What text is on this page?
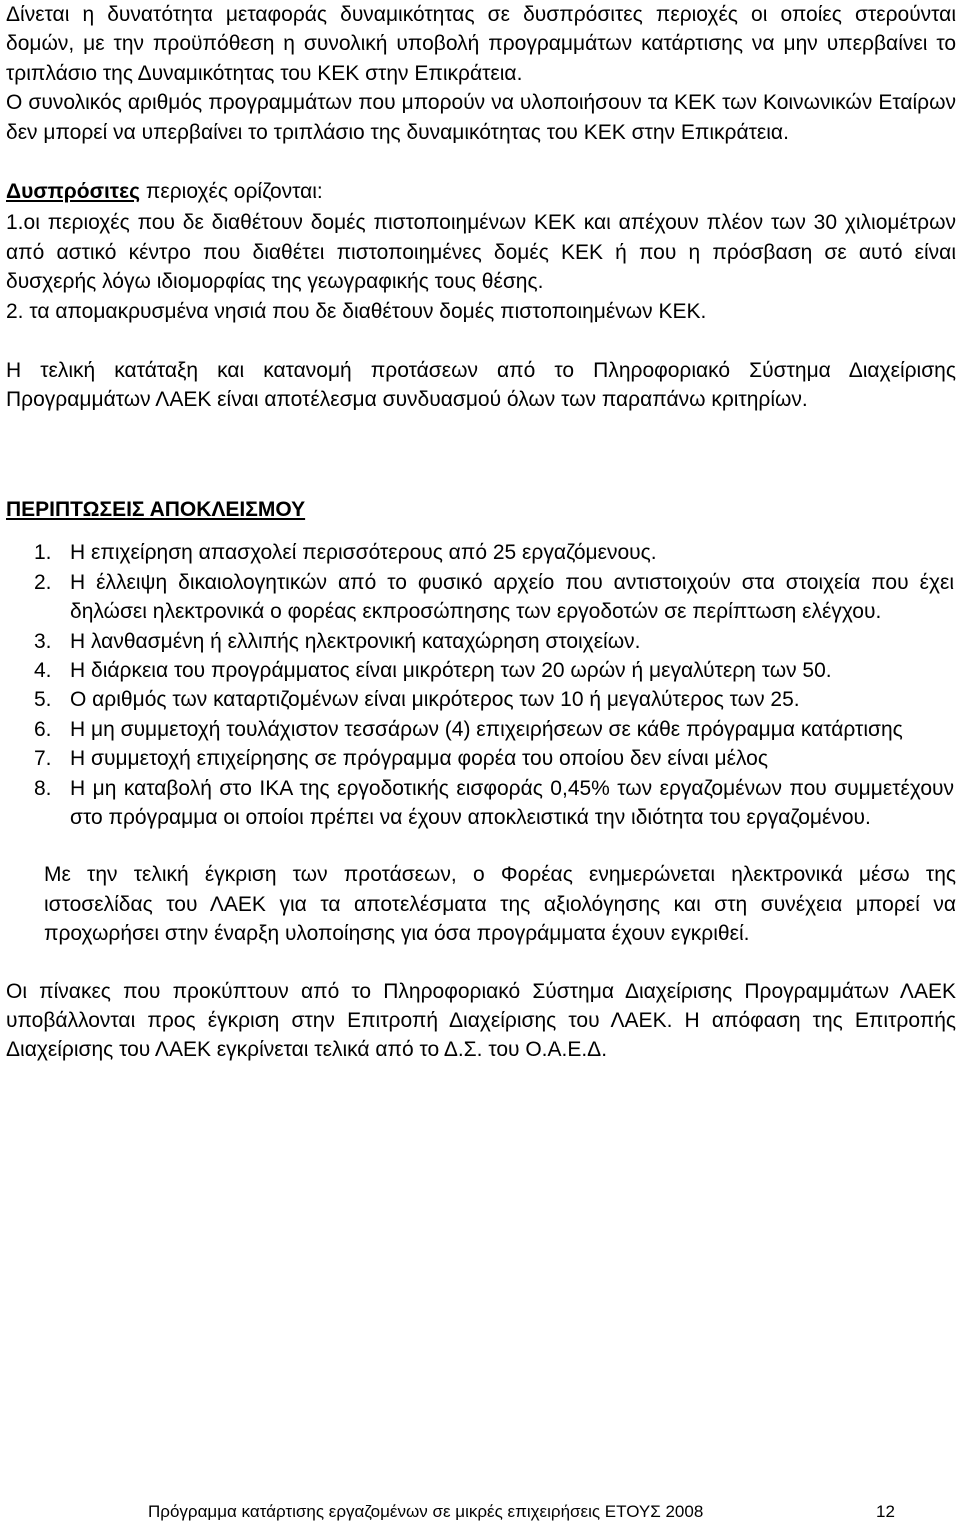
Δίνεται η δυνατότητα μεταφοράς δυναμικότητας σε δυσπρόσιτες περιοχές οι οποίες στερούνται δομών, με την προϋπόθεση η συνολική υποβολή προγραμμάτων κατάρτισης να μην υπερβαίνει το τριπλάσιο της Δυναμικότητας του ΚΕΚ στην Επικράτεια.

Ο συνολικός αριθμός προγραμμάτων που μπορούν να υλοποιήσουν τα ΚΕΚ των Κοινωνικών Εταίρων δεν μπορεί να υπερβαίνει το τριπλάσιο της δυναμικότητας του ΚΕΚ στην Επικράτεια.

Δυσπρόσιτες περιοχές ορίζονται:

1.οι περιοχές που δε διαθέτουν δομές πιστοποιημένων ΚΕΚ και απέχουν πλέον των 30 χιλιομέτρων από αστικό κέντρο που διαθέτει πιστοποιημένες δομές ΚΕΚ ή που η πρόσβαση σε αυτό είναι δυσχερής λόγω ιδιομορφίας της γεωγραφικής τους θέσης.

2. τα απομακρυσμένα νησιά που δε διαθέτουν δομές πιστοποιημένων ΚΕΚ.

Η τελική κατάταξη και κατανομή προτάσεων από το Πληροφοριακό Σύστημα Διαχείρισης Προγραμμάτων ΛΑΕΚ είναι αποτέλεσμα συνδυασμού όλων των παραπάνω κριτηρίων.

ΠΕΡΙΠΤΩΣΕΙΣ ΑΠΟΚΛΕΙΣΜΟΥ

1. Η επιχείρηση απασχολεί περισσότερους από 25 εργαζόμενους.
2. Η έλλειψη δικαιολογητικών από το φυσικό αρχείο που αντιστοιχούν στα στοιχεία που έχει δηλώσει ηλεκτρονικά ο φορέας εκπροσώπησης των εργοδοτών σε περίπτωση ελέγχου.
3. Η λανθασμένη ή ελλιπής ηλεκτρονική καταχώρηση στοιχείων.
4. Η διάρκεια του προγράμματος είναι μικρότερη των 20 ωρών ή μεγαλύτερη των 50.
5. Ο αριθμός των καταρτιζομένων είναι μικρότερος των 10 ή μεγαλύτερος των 25.
6. Η μη συμμετοχή τουλάχιστον τεσσάρων (4) επιχειρήσεων σε κάθε πρόγραμμα κατάρτισης
7. Η συμμετοχή επιχείρησης σε πρόγραμμα φορέα του οποίου δεν είναι μέλος
8. Η μη καταβολή στο ΙΚΑ της εργοδοτικής εισφοράς 0,45% των εργαζομένων που συμμετέχουν στο πρόγραμμα οι οποίοι πρέπει να έχουν αποκλειστικά την ιδιότητα του εργαζομένου.

Με την τελική έγκριση των προτάσεων, ο Φορέας ενημερώνεται ηλεκτρονικά μέσω της ιστοσελίδας του ΛΑΕΚ για τα αποτελέσματα της αξιολόγησης και στη συνέχεια μπορεί να προχωρήσει στην έναρξη υλοποίησης για όσα προγράμματα έχουν εγκριθεί.

Οι πίνακες που προκύπτουν από το Πληροφοριακό Σύστημα Διαχείρισης Προγραμμάτων ΛΑΕΚ υποβάλλονται προς έγκριση στην Επιτροπή Διαχείρισης του ΛΑΕΚ. Η απόφαση της Επιτροπής Διαχείρισης του ΛΑΕΚ εγκρίνεται τελικά από το Δ.Σ. του Ο.Α.Ε.Δ.

Πρόγραμμα κατάρτισης εργαζομένων σε μικρές επιχειρήσεις ΕΤΟΥΣ 2008	12
